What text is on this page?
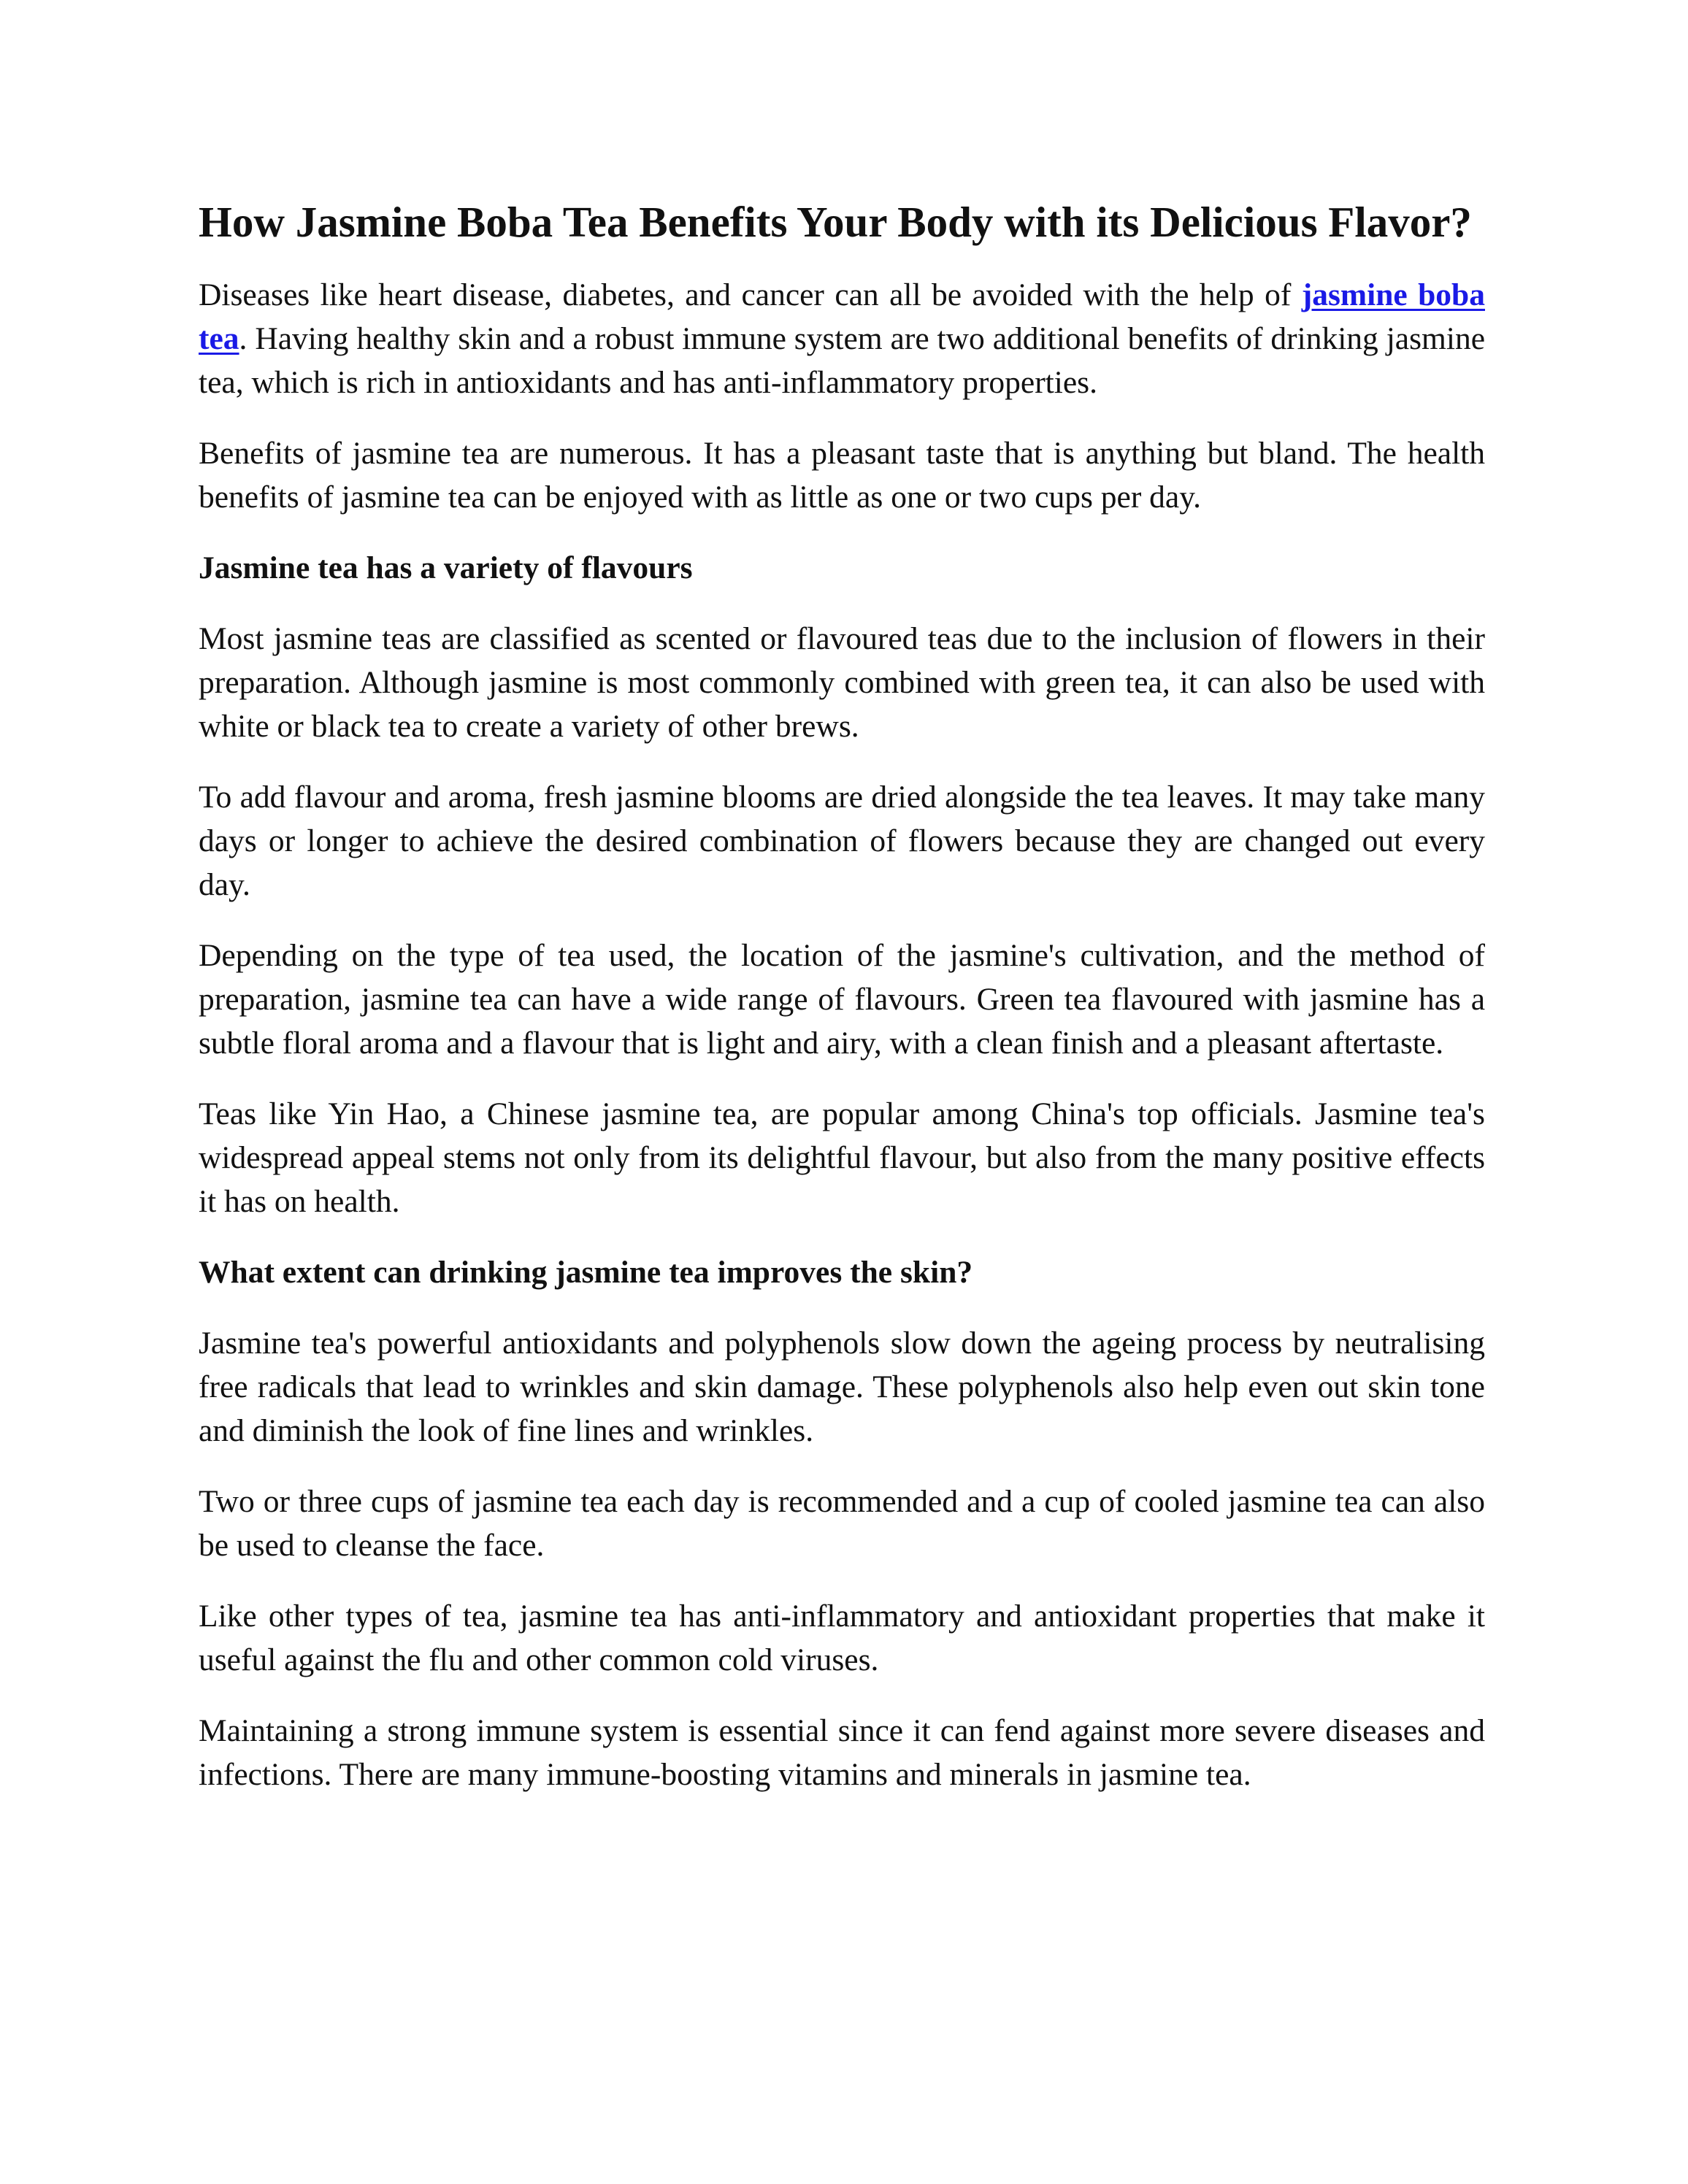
How Jasmine Boba Tea Benefits Your Body with its Delicious Flavor?

Diseases like heart disease, diabetes, and cancer can all be avoided with the help of jasmine boba tea. Having healthy skin and a robust immune system are two additional benefits of drinking jasmine tea, which is rich in antioxidants and has anti-inflammatory properties.

Benefits of jasmine tea are numerous. It has a pleasant taste that is anything but bland. The health benefits of jasmine tea can be enjoyed with as little as one or two cups per day.

Jasmine tea has a variety of flavours

Most jasmine teas are classified as scented or flavoured teas due to the inclusion of flowers in their preparation. Although jasmine is most commonly combined with green tea, it can also be used with white or black tea to create a variety of other brews.

To add flavour and aroma, fresh jasmine blooms are dried alongside the tea leaves. It may take many days or longer to achieve the desired combination of flowers because they are changed out every day.

Depending on the type of tea used, the location of the jasmine's cultivation, and the method of preparation, jasmine tea can have a wide range of flavours. Green tea flavoured with jasmine has a subtle floral aroma and a flavour that is light and airy, with a clean finish and a pleasant aftertaste.

Teas like Yin Hao, a Chinese jasmine tea, are popular among China's top officials. Jasmine tea's widespread appeal stems not only from its delightful flavour, but also from the many positive effects it has on health.

What extent can drinking jasmine tea improves the skin?

Jasmine tea's powerful antioxidants and polyphenols slow down the ageing process by neutralising free radicals that lead to wrinkles and skin damage. These polyphenols also help even out skin tone and diminish the look of fine lines and wrinkles.

Two or three cups of jasmine tea each day is recommended and a cup of cooled jasmine tea can also be used to cleanse the face.

Like other types of tea, jasmine tea has anti-inflammatory and antioxidant properties that make it useful against the flu and other common cold viruses.

Maintaining a strong immune system is essential since it can fend against more severe diseases and infections. There are many immune-boosting vitamins and minerals in jasmine tea.
